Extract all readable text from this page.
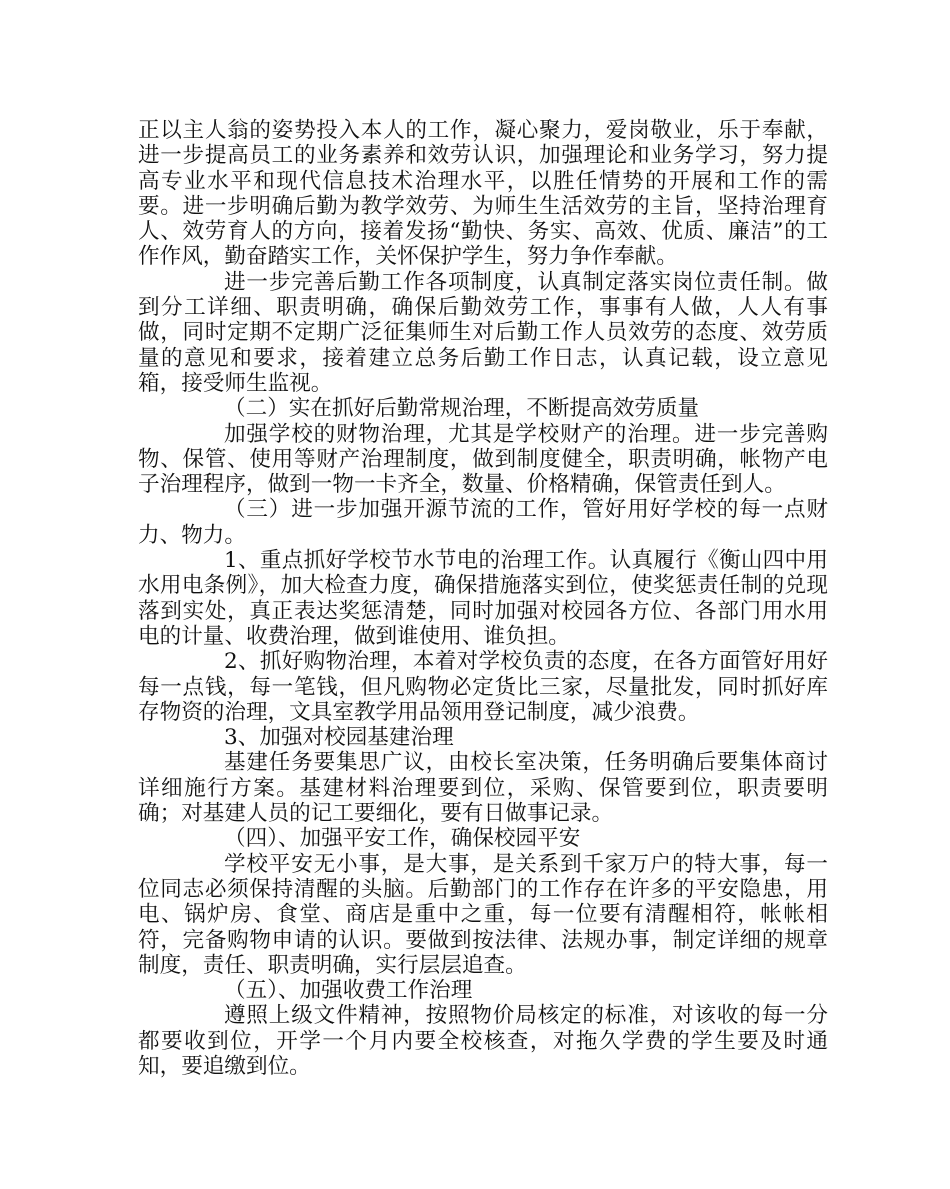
正以主人翁的姿势投入本人的工作，凝心聚力，爱岗敬业，乐于奉献，进一步提高员工的业务素养和效劳认识，加强理论和业务学习，努力提高专业水平和现代信息技术治理水平，以胜任情势的开展和工作的需要。进一步明确后勤为教学效劳、为师生生活效劳的主旨，坚持治理育人、效劳育人的方向，接着发扬“勤快、务实、高效、优质、廉洁”的工作作风，勤奋踏实工作，关怀保护学生，努力争作奉献。

进一步完善后勤工作各项制度，认真制定落实岗位责任制。做到分工详细、职责明确，确保后勤效劳工作，事事有人做，人人有事做，同时定期不定期广泛征集师生对后勤工作人员效劳的态度、效劳质量的意见和要求，接着建立总务后勤工作日志，认真记载，设立意见箱，接受师生监视。

（二）实在抓好后勤常规治理，不断提高效劳质量

加强学校的财物治理，尤其是学校财产的治理。进一步完善购物、保管、使用等财产治理制度，做到制度健全，职责明确，帐物产电子治理程序，做到一物一卡齐全，数量、价格精确，保管责任到人。

（三）进一步加强开源节流的工作，管好用好学校的每一点财力、物力。

1、重点抓好学校节水节电的治理工作。认真履行《衡山四中用水用电条例》，加大检查力度，确保措施落实到位，使奖惩责任制的兑现落到实处，真正表达奖惩清楚，同时加强对校园各方位、各部门用水用电的计量、收费治理，做到谁使用、谁负担。

2、抓好购物治理，本着对学校负责的态度，在各方面管好用好每一点钱，每一笔钱，但凡购物必定货比三家，尽量批发，同时抓好库存物资的治理，文具室教学用品领用登记制度，减少浪费。

3、加强对校园基建治理

基建任务要集思广议，由校长室决策，任务明确后要集体商讨详细施行方案。基建材料治理要到位，采购、保管要到位，职责要明确；对基建人员的记工要细化，要有日做事记录。

（四）、加强平安工作，确保校园平安

学校平安无小事，是大事，是关系到千家万户的特大事，每一位同志必须保持清醒的头脑。后勤部门的工作存在许多的平安隐患，用电、锅炉房、食堂、商店是重中之重，每一位要有清醒相符，帐帐相符，完备购物申请的认识。要做到按法律、法规办事，制定详细的规章制度，责任、职责明确，实行层层追查。

（五）、加强收费工作治理

遵照上级文件精神，按照物价局核定的标准，对该收的每一分都要收到位，开学一个月内要全校核查，对拖久学费的学生要及时通知，要追缴到位。
